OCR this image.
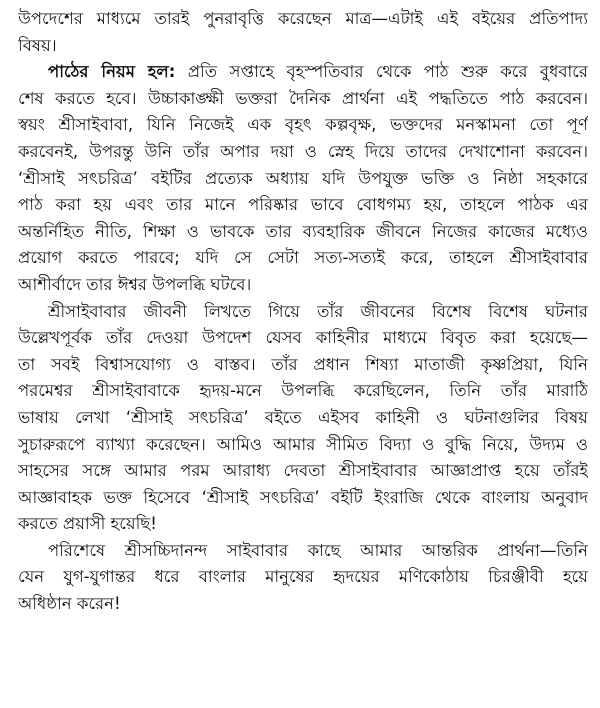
উপদেশের মাধ্যমে তারই পুনরাবৃত্তি করেছেন মাত্র—এটাই এই বইয়ের প্রতিপাদ্য
বিষয়।
পাঠের নিয়ম হল: প্রতি সপ্তাহে বৃহস্পতিবার থেকে পাঠ শুরু করে বুধবারে
শেষ করতে হবে। উচ্চাকাঙ্ক্ষী ভক্তরা দৈনিক প্রার্থনা এই পদ্ধতিতে পাঠ করবেন।
স্বয়ং শ্রীসাইবাবা, যিনি নিজেই এক বৃহৎ কল্পবৃক্ষ, ভক্তদের মনস্কামনা তো পূর্ণ
করবেনই, উপরন্তু উনি তাঁর অপার দয়া ও স্নেহ দিয়ে তাদের দেখাশোনা করবেন।
‘শ্রীসাই সৎচরিত্র’ বইটির প্রত্যেক অধ্যায় যদি উপযুক্ত ভক্তি ও নিষ্ঠা সহকারে
পাঠ করা হয় এবং তার মানে পরিষ্কার ভাবে বোধগম্য হয়, তাহলে পাঠক এর
অন্তর্নিহিত নীতি, শিক্ষা ও ভাবকে তার ব্যবহারিক জীবনে নিজের কাজের মধ্যেও
প্রয়োগ করতে পারবে; যদি সে সেটা সত্য-সত্যই করে, তাহলে শ্রীসাইবাবার
আশীর্বাদে তার ঈশ্বর উপলব্ধি ঘটবে।
শ্রীসাইবাবার জীবনী লিখতে গিয়ে তাঁর জীবনের বিশেষ বিশেষ ঘটনার
উল্লেখপূর্বক তাঁর দেওয়া উপদেশ যেসব কাহিনীর মাধ্যমে বিবৃত করা হয়েছে—
তা সবই বিশ্বাসযোগ্য ও বাস্তব। তাঁর প্রধান শিষ্যা মাতাজী কৃষ্ণপ্রিয়া, যিনি
পরমেশ্বর শ্রীসাইবাবাকে হৃদয়-মনে উপলব্ধি করেছিলেন, তিনি তাঁর মারাঠি
ভাষায় লেখা ‘শ্রীসাই সৎচরিত্র’ বইতে এইসব কাহিনী ও ঘটনাগুলির বিষয়
সুচারুরূপে ব্যাখ্যা করেছেন। আমিও আমার সীমিত বিদ্যা ও বুদ্ধি নিয়ে, উদ্যম ও
সাহসের সঙ্গে আমার পরম আরাধ্য দেবতা শ্রীসাইবাবার আজ্ঞাপ্রাপ্ত হয়ে তাঁরই
আজ্ঞাবাহক ভক্ত হিসেবে ‘শ্রীসাই সৎচরিত্র’ বইটি ইংরাজি থেকে বাংলায় অনুবাদ
করতে প্রয়াসী হয়েছি!
পরিশেষে শ্রীসচ্চিদানন্দ সাইবাবার কাছে আমার আন্তরিক প্রার্থনা—তিনি
যেন যুগ-যুগান্তর ধরে বাংলার মানুষের হৃদয়ের মণিকোঠায় চিরঞ্জীবী হয়ে
অধিষ্ঠান করেন!
